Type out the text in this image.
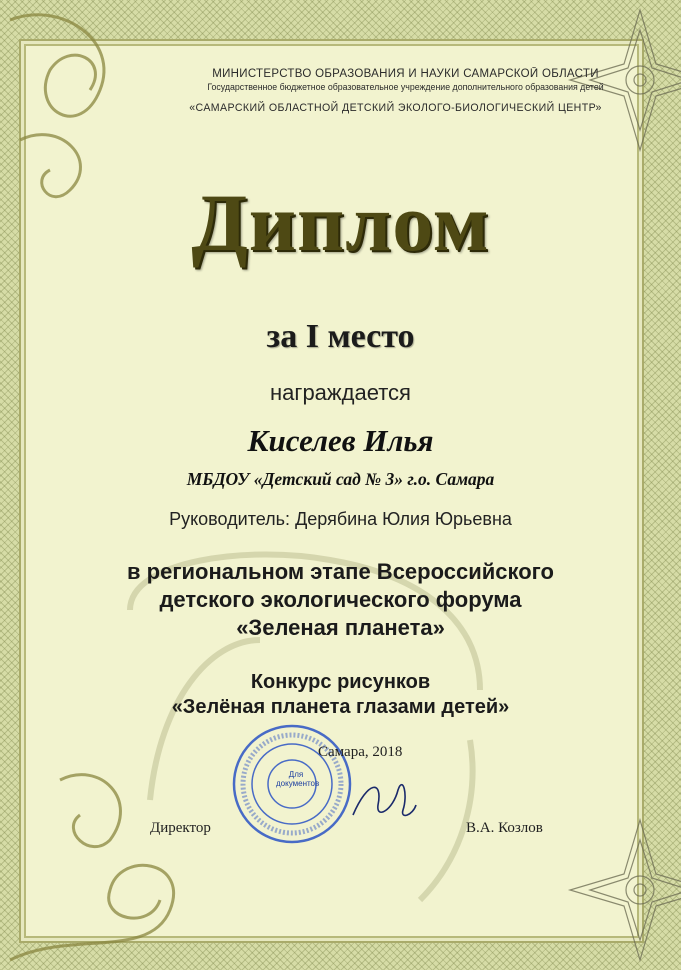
МИНИСТЕРСТВО ОБРАЗОВАНИЯ И НАУКИ САМАРСКОЙ ОБЛАСТИ
Государственное бюджетное образовательное учреждение дополнительного образования детей
«САМАРСКИЙ ОБЛАСТНОЙ ДЕТСКИЙ ЭКОЛОГО-БИОЛОГИЧЕСКИЙ ЦЕНТР»
Диплом
за I место
награждается
Киселев Илья
МБДОУ «Детский сад № 3» г.о. Самара
Руководитель: Дерябина Юлия Юрьевна
в региональном этапе Всероссийского
детского экологического форума
«Зеленая планета»
Конкурс рисунков
«Зелёная планета глазами детей»
Для
документов
Самара, 2018
Директор	В.А. Козлов
